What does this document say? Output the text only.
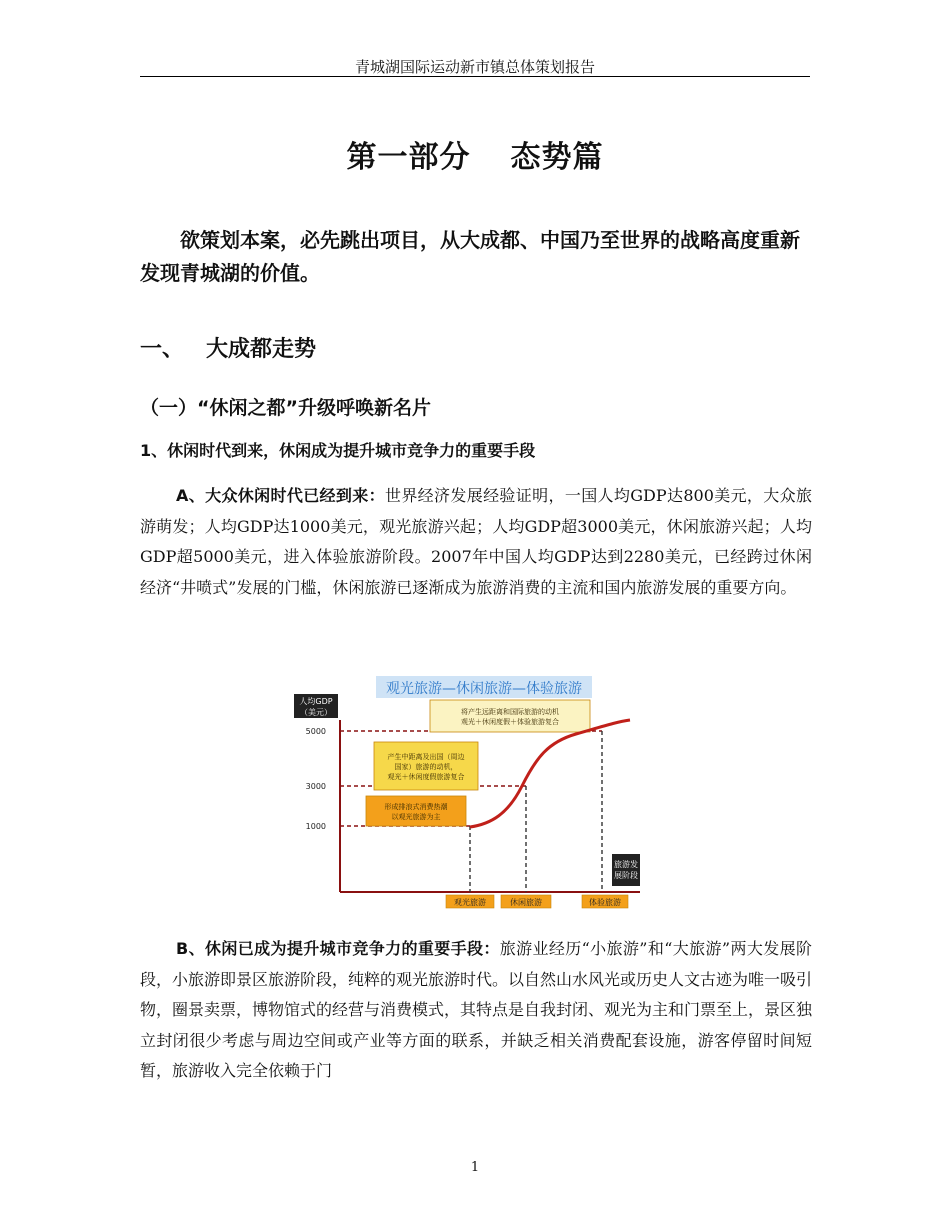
青城湖国际运动新市镇总体策划报告
第一部分 态势篇
欲策划本案，必先跳出项目，从大成都、中国乃至世界的战略高度重新发现青城湖的价值。
一、 大成都走势
（一）“休闲之都”升级呼唤新名片
1、休闲时代到来，休闲成为提升城市竞争力的重要手段
A、大众休闲时代已经到来：世界经济发展经验证明，一国人均GDP达800美元，大众旅游萌发；人均GDP达1000美元，观光旅游兴起；人均GDP超3000美元，休闲旅游兴起；人均GDP超5000美元，进入体验旅游阶段。2007年中国人均GDP达到2280美元，已经跨过休闲经济“井喷式”发展的门槛，休闲旅游已逐渐成为旅游消费的主流和国内旅游发展的重要方向。
观光旅游—休闲旅游—体验旅游
人均GDP
（美元）
1000
3000
5000
形成排浪式消费热潮
以观光旅游为主
产生中距离及出国（周边
国家）旅游的动机，
观光＋休闲度假旅游复合
将产生远距离和国际旅游的动机
观光＋休闲度假＋体验旅游复合
旅游发
展阶段
观光旅游	休闲旅游	体验旅游
B、休闲已成为提升城市竞争力的重要手段：旅游业经历“小旅游”和“大旅游”两大发展阶段，小旅游即景区旅游阶段，纯粹的观光旅游时代。以自然山水风光或历史人文古迹为唯一吸引物，圈景卖票，博物馆式的经营与消费模式，其特点是自我封闭、观光为主和门票至上，景区独立封闭很少考虑与周边空间或产业等方面的联系，并缺乏相关消费配套设施，游客停留时间短暂，旅游收入完全依赖于门
1
